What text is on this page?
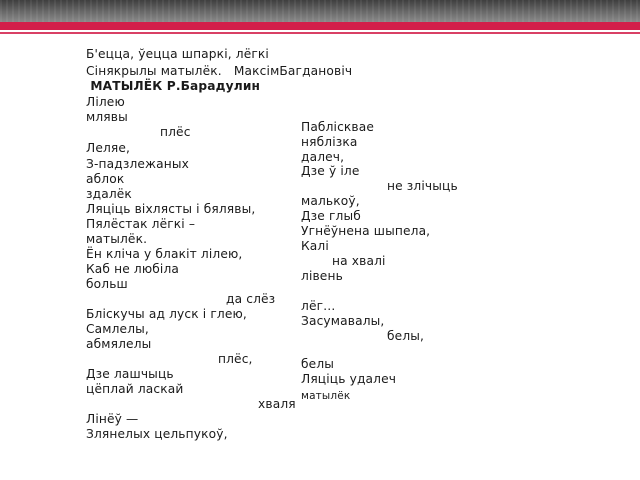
Б'ецца, ўецца шпаркі, лёгкі
Сінякрылы матылёк.   МаксімБагдановіч
МАТЫЛЁК Р.Барадулин
Лілею
млявы
плёс
Леляе,
З-падзлежаных
аблок
здалёк
Ляціць віхлясты і бялявы,
Пялёстак лёгкі –
матылёк.
Ён кліча у блакіт лілею,
Каб не любіла
больш
да слёз
Бліскучы ад луск і глею,
Самлелы,
абмялелы
плёс,
Дзе лашчыць
цёплай ласкай
хваля
Лінёў —
Злянелых цельпукоў,
Паблісквае
няблізка
далеч,
Дзе ў іле
не злічыць
малькоў,
Дзе глыб
Угнёўнена шыпела,
Калі
на хвалі
лівень
лёг…
Засумавалы,
белы,
белы
Ляціць удалеч
матылёк
